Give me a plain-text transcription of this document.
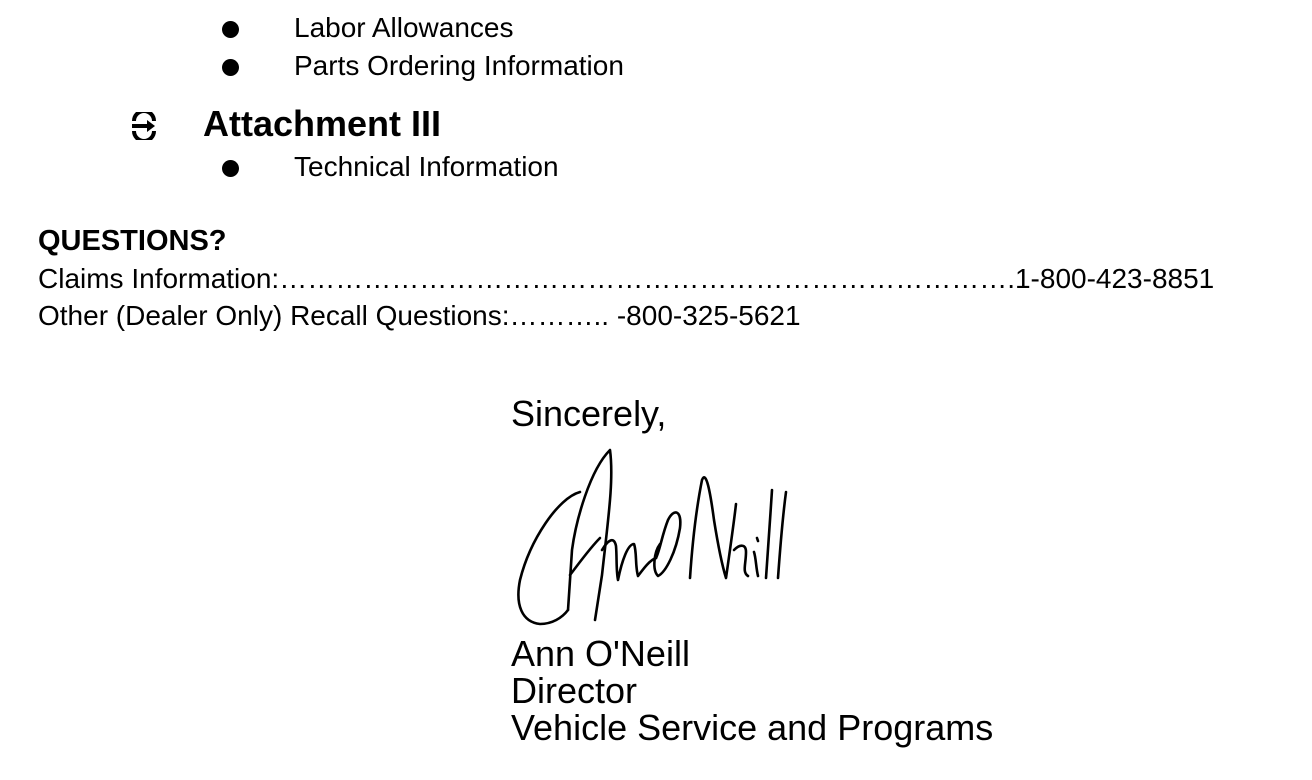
Labor Allowances
Parts Ordering Information
Attachment III
Technical Information
QUESTIONS?
Claims Information:…………………………………………………………………….1-800-423-8851
Other (Dealer Only) Recall Questions:……….. -800-325-5621
Sincerely,
Ann O'Neill
Director
Vehicle Service and Programs
